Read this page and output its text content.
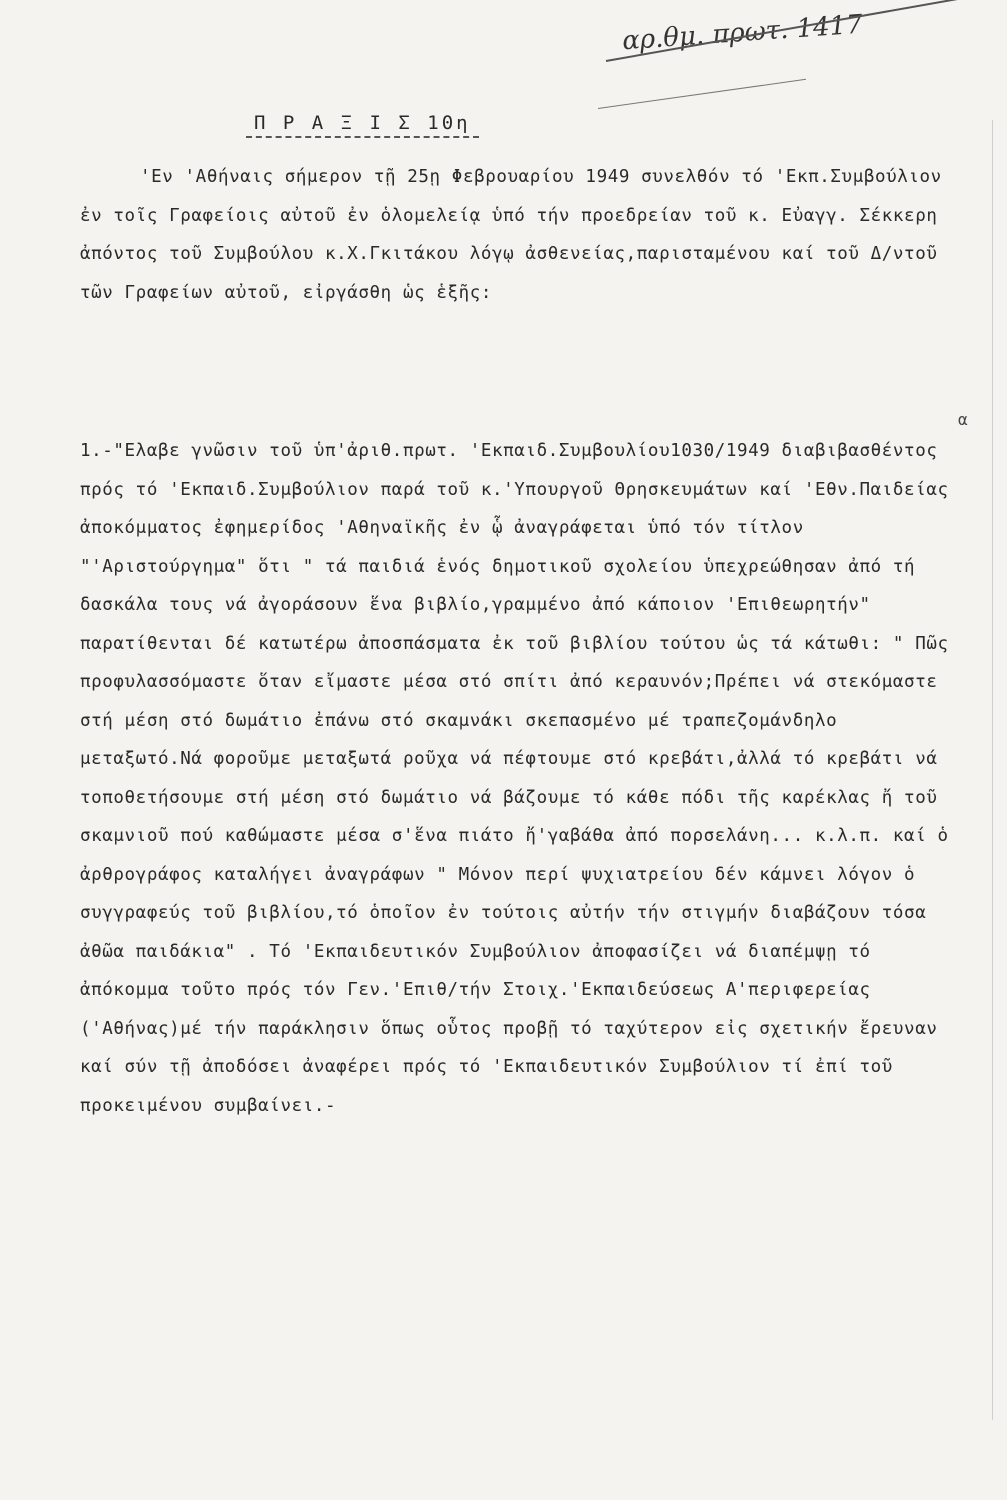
αρ.θμ. πρωτ. 1417
Π Ρ Α Ξ Ι Σ 10η
'Εν 'Αθήναις σήμερον τῇ 25ῃ Φεβρουαρίου 1949 συνελθόν τό 'Εκπ.Συμβούλιον ἐν τοῖς Γραφείοις αὐτοῦ ἐν ὁλομελείᾳ ὑπό τήν προεδρείαν τοῦ κ. Εὐαγγ. Σέκκερη ἀπόντος τοῦ Συμβούλου κ.Χ.Γκιτάκου λόγῳ ἀσθενείας,παρισταμένου καί τοῦ Δ/ντοῦ τῶν Γραφείων αὐτοῦ, εἰργάσθη ὡς ἑξῆς:
1.-"Ελαβε γνῶσιν τοῦ ὑπ'ἀριθ.πρωτ. 'Εκπαιδ.Συμβουλίου1030/1949 διαβιβασθέντος πρός τό 'Εκπαιδ.Συμβούλιον παρά τοῦ κ.'Υπουργοῦ Θρησκευμάτων καί 'Εθν.Παιδείας ἀποκόμματος ἐφημερίδος 'Αθηναϊκῆς ἐν ᾧ ἀναγράφεται ὑπό τόν τίτλον "'Αριστούργημα" ὅτι " τά παιδιά ἑνός δημοτικοῦ σχολείου ὑπεχρεώθησαν ἀπό τή δασκάλα τους νά ἀγοράσουν ἕνα βιβλίο,γραμμένο ἀπό κάποιον 'Επιθεωρητήν" παρατίθενται δέ κατωτέρω ἀποσπάσματα ἐκ τοῦ βιβλίου τούτου ὡς τά κάτωθι: " Πῶς προφυλασσόμαστε ὅταν εἴμαστε μέσα στό σπίτι ἀπό κεραυνόν;Πρέπει νά στεκόμαστε στή μέση στό δωμάτιο ἐπάνω στό σκαμνάκι σκεπασμένο μέ τραπεζομάνδηλο μεταξωτό.Νά φοροῦμε μεταξωτά ροῦχα νά πέφτουμε στό κρεβάτι,ἀλλά τό κρεβάτι νά τοποθετήσουμε στή μέση στό δωμάτιο νά βάζουμε τό κάθε πόδι τῆς καρέκλας ἤ τοῦ σκαμνιοῦ πού καθώμαστε μέσα σ'ἕνα πιάτο ἤ'γαβάθα ἀπό πορσελάνη... κ.λ.π. καί ὁ ἀρθρογράφος καταλήγει ἀναγράφων " Μόνον περί ψυχιατρείου δέν κάμνει λόγον ὁ συγγραφεύς τοῦ βιβλίου,τό ὁποῖον ἐν τούτοις αὐτήν τήν στιγμήν διαβάζουν τόσα ἀθῶα παιδάκια" . Τό 'Εκπαιδευτικόν Συμβούλιον ἀποφασίζει νά διαπέμψῃ τό ἀπόκομμα τοῦτο πρός τόν Γεν.'Επιθ/τήν Στοιχ.'Εκπαιδεύσεως Α'περιφερείας ('Αθήνας)μέ τήν παράκλησιν ὅπως οὗτος προβῇ τό ταχύτερον εἰς σχετικήν ἔρευναν καί σύν τῇ ἀποδόσει ἀναφέρει πρός τό 'Εκπαιδευτικόν Συμβούλιον τί ἐπί τοῦ προκειμένου συμβαίνει.-
α
